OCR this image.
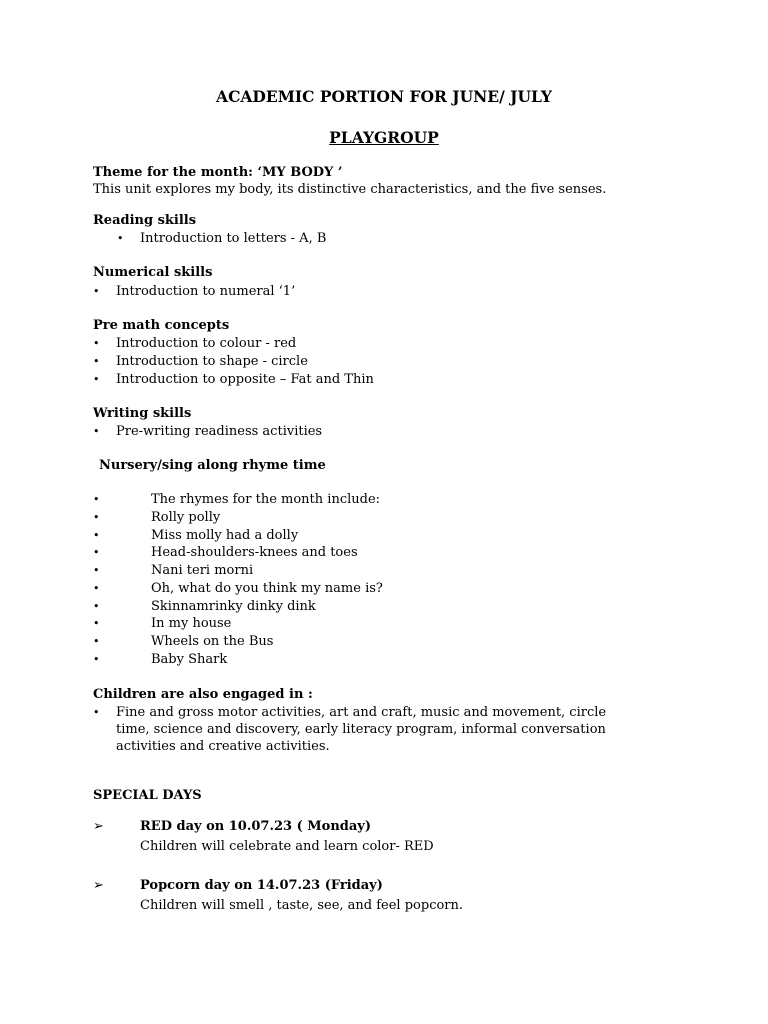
ACADEMIC PORTION FOR JUNE/ JULY
PLAYGROUP
Theme for the month: ‘MY BODY ’
This unit explores my body, its distinctive characteristics, and the five senses.
Reading skills
• Introduction to letters - A, B
Numerical skills
• Introduction to numeral ‘1’
Pre math concepts
• Introduction to colour - red
• Introduction to shape - circle
• Introduction to opposite – Fat and Thin
Writing skills
• Pre-writing readiness activities
Nursery/sing along rhyme time
•	The rhymes for the month include:
•	Rolly polly
•	Miss molly had a dolly
•	Head-shoulders-knees and toes
•	Nani teri morni
•	Oh, what do you think my name is?
•	Skinnamrinky dinky dink
•	In my house
•	Wheels on the Bus
•	Baby Shark
Children are also engaged in :
• Fine and gross motor activities, art and craft, music and movement, circle
time, science and discovery, early literacy program, informal conversation
activities and creative activities.
SPECIAL DAYS
➢	RED day on 10.07.23 ( Monday)
Children will celebrate and learn color- RED
➢	Popcorn day on 14.07.23 (Friday)
Children will smell , taste, see, and feel popcorn.
